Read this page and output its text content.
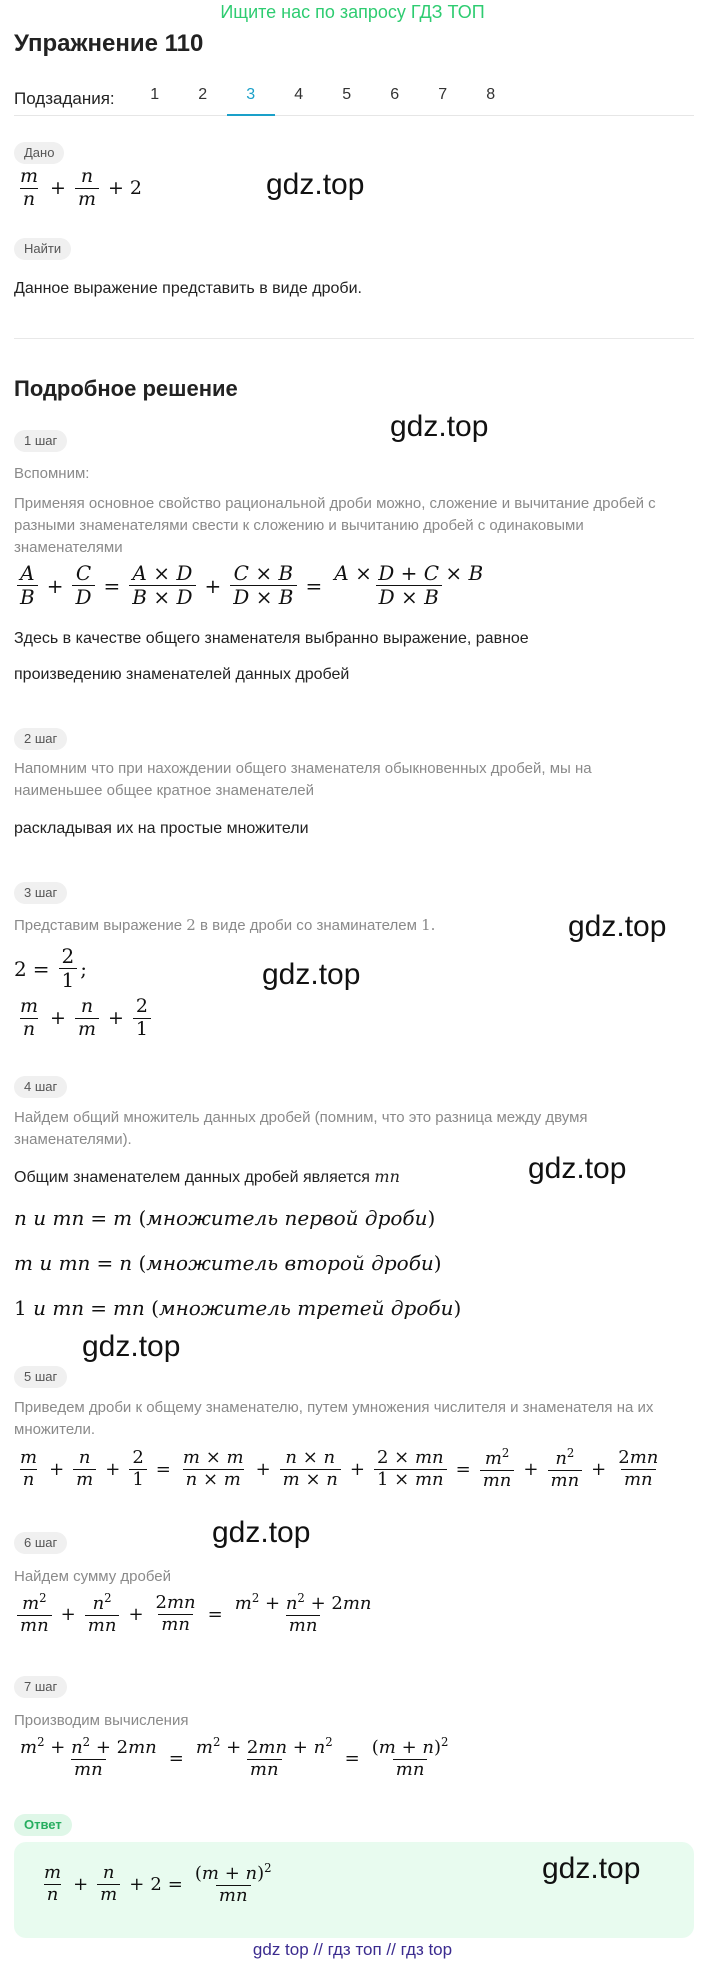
Ищите нас по запросу ГДЗ ТОП
Упражнение 110
Подзадания:	1	2	3	4	5	6	7	8
Дано
$\frac{m}{n} + \frac{n}{m} + 2$	gdz.top
Найти
Данное выражение представить в виде дроби.
Подробное решение
gdz.top
1 шаг
Вспомним:
Применяя основное свойство рациональной дроби можно, сложение и вычитание дробей с разными знаменателями свести к сложению и вычитанию дробей с одинаковыми знаменателями
$\frac{A}{B} + \frac{C}{D} = \frac{A \times D}{B \times D} + \frac{C \times B}{D \times B} = \frac{A \times D + C \times B}{D \times B}$
Здесь в качестве общего знаменателя выбранно выражение, равное
произведению знаменателей данных дробей
2 шаг
Напомним что при нахождении общего знаменателя обыкновенных дробей, мы на наименьшее общее кратное знаменателей
раскладывая их на простые множители
3 шаг
Представим выражение 2 в виде дроби со знаминателем 1.	gdz.top
$2 = \frac{2}{1}$ ;	gdz.top
$\frac{m}{n} + \frac{n}{m} + \frac{2}{1}$
4 шаг
Найдем общий множитель данных дробей (помним, что это разница между двумя знаменателями).
Общим знаменателем данных дробей является mn	gdz.top
n
и
mn = m ( множитель первой дроби )
m
и
mn = n ( множитель второй дроби )
1
и
mn = mn ( множитель третей дроби )
gdz.top
5 шаг
Приведем дроби к общему знаменателю, путем умножения числителя и знаменателя на их множители.
$\frac{m}{n} + \frac{n}{m} + \frac{2}{1} = \frac{m \times m}{n \times m} + \frac{n \times n}{m \times n} + \frac{2 \times mn}{1 \times mn} = \frac{m^2}{mn} + \frac{n^2}{mn} + \frac{2mn}{mn}$
gdz.top
6 шаг
Найдем сумму дробей
$\frac{m^2}{mn} + \frac{n^2}{mn} + \frac{2mn}{mn} = \frac{m^2 + n^2 + 2mn}{mn}$
7 шаг
Производим вычисления
$\frac{m^2 + n^2 + 2mn}{mn} = \frac{m^2 + 2mn + n^2}{mn} = \frac{(m + n)^2}{mn}$
Ответ
$\frac{m}{n} + \frac{n}{m} + 2 = \frac{(m + n)^2}{mn}$	gdz.top
gdz top // гдз топ // гдз top
